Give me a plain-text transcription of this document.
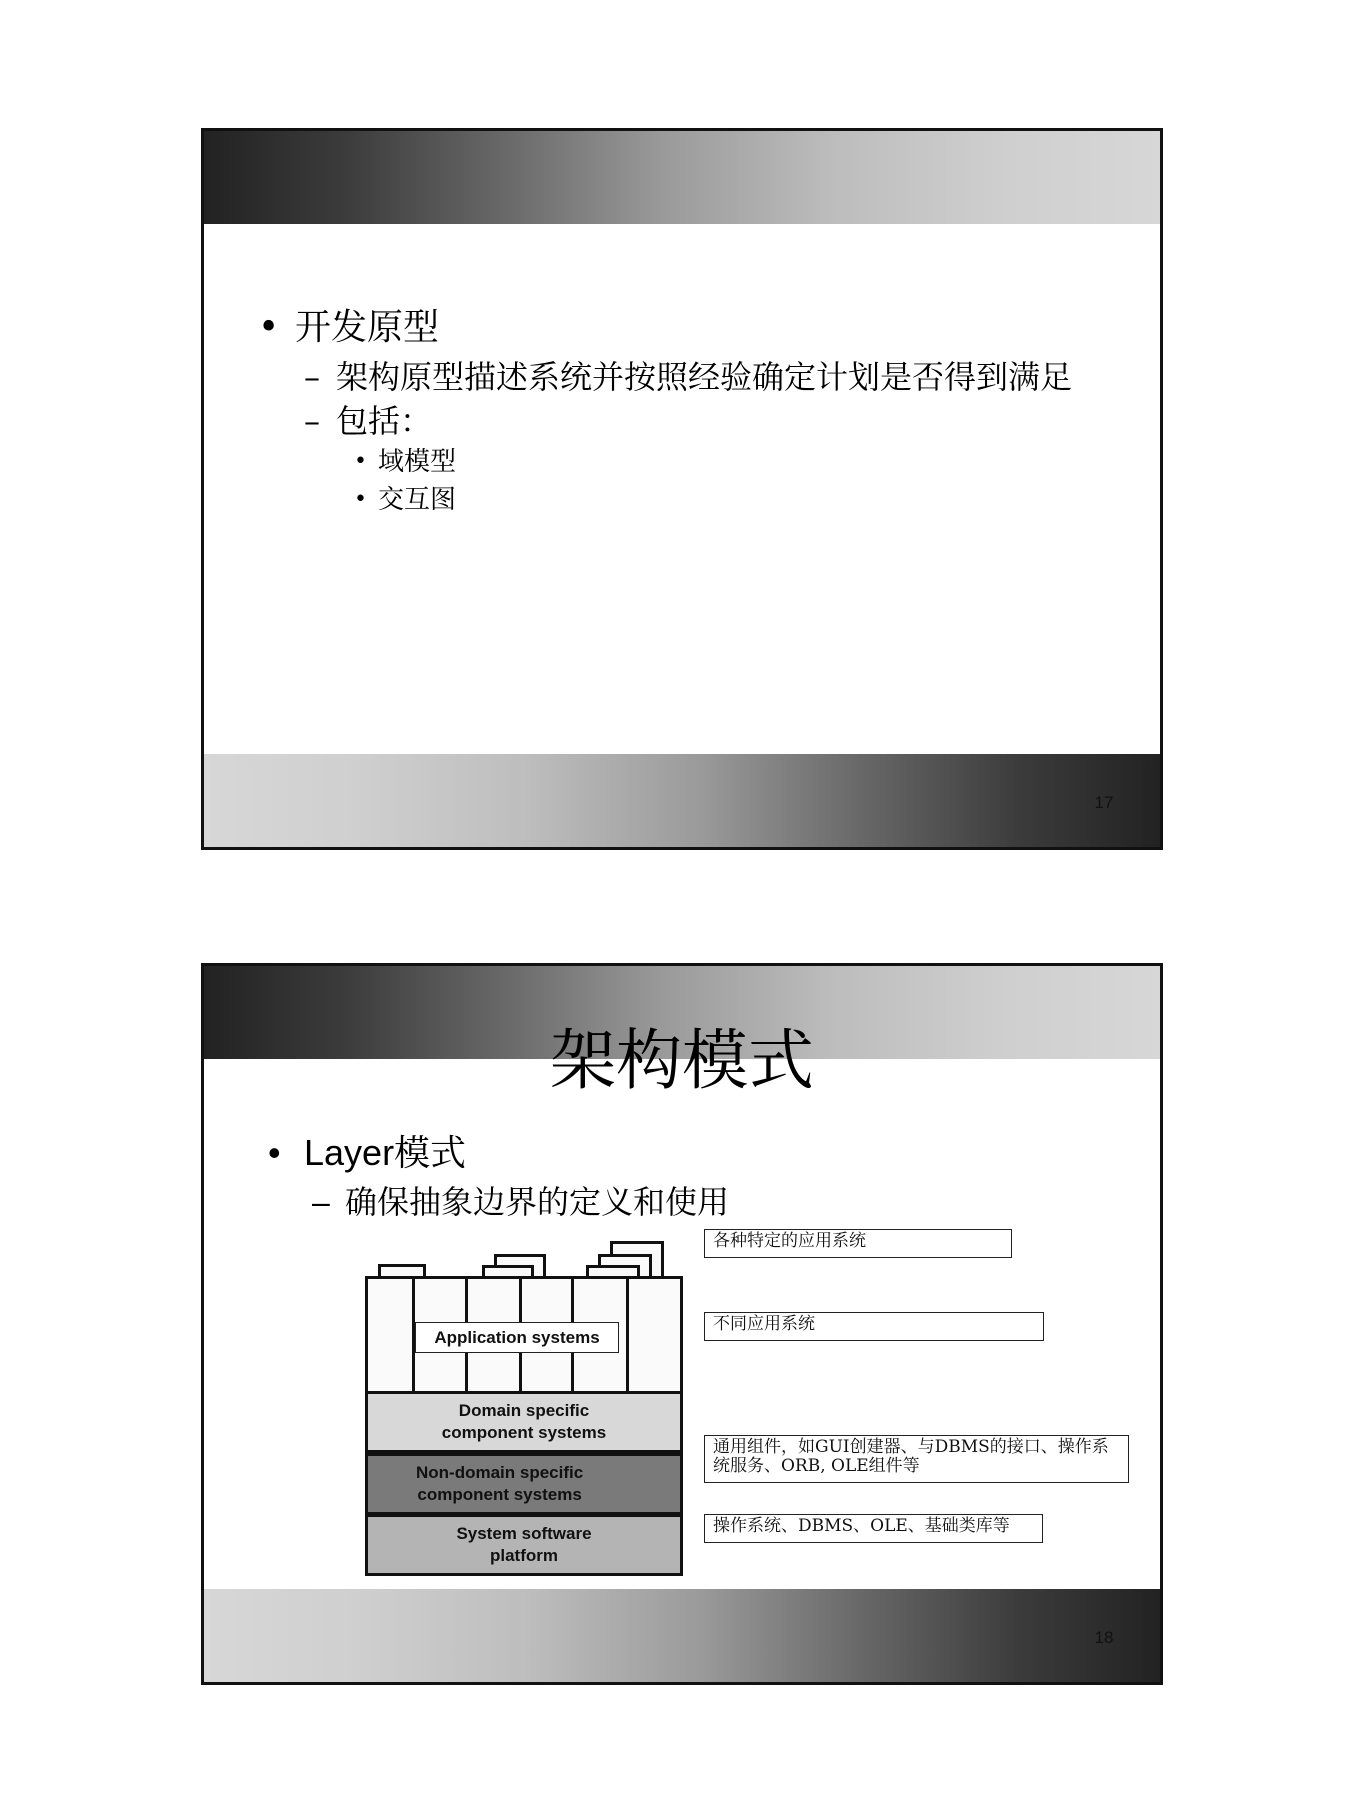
• 开发原型
– 架构原型描述系统并按照经验确定计划是否得到满足
– 包括：
• 域模型
• 交互图
17
架构模式
• Layer模式
– 确保抽象边界的定义和使用
Application systems
Domain specific
component systems
Non-domain specific
component systems
System software
platform
各种特定的应用系统
不同应用系统
通用组件，如GUI创建器、与DBMS的接口、操作系统服务、ORB, OLE组件等
操作系统、DBMS、OLE、基础类库等
18
